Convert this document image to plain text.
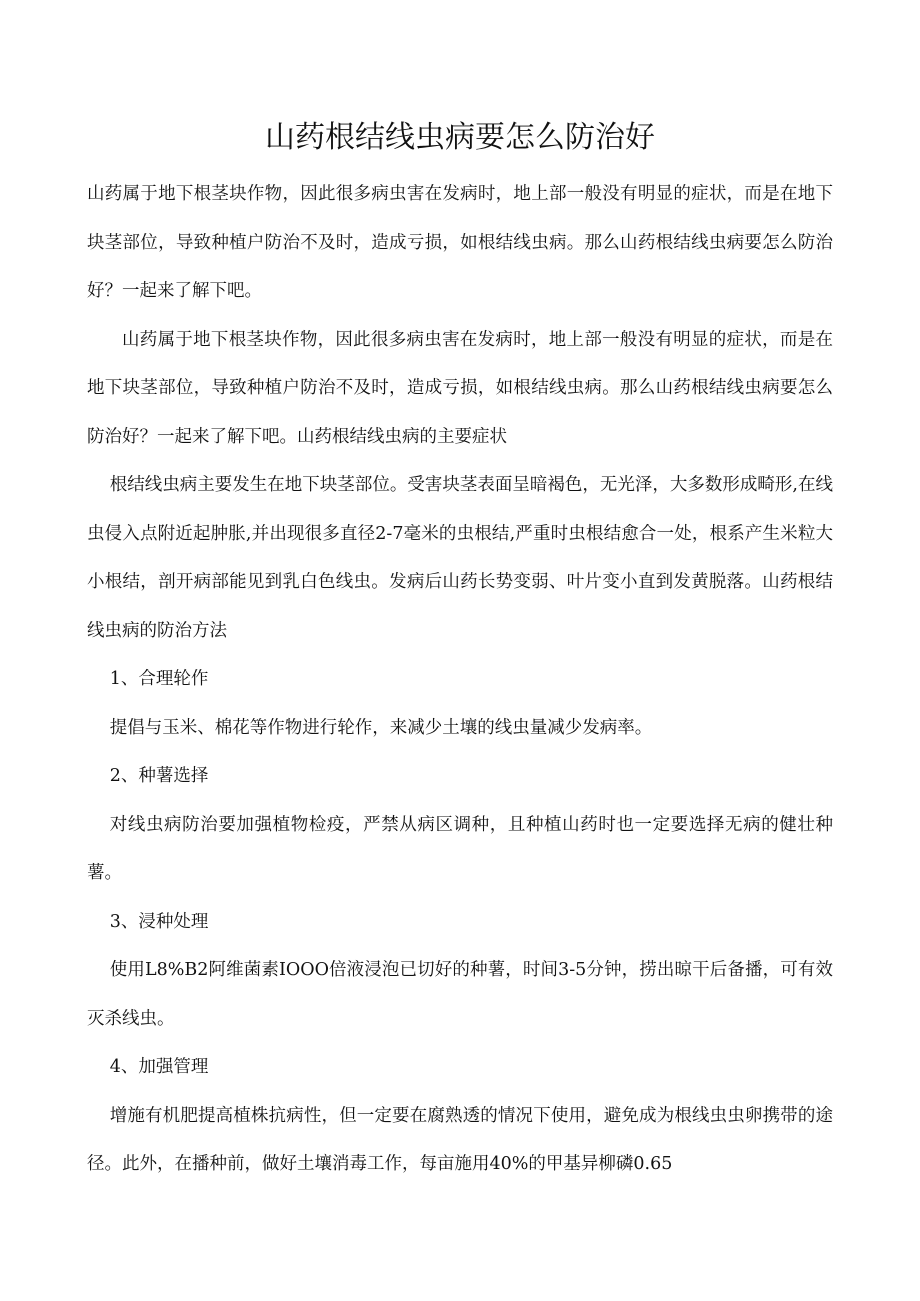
山药根结线虫病要怎么防治好

山药属于地下根茎块作物，因此很多病虫害在发病时，地上部一般没有明显的症状，而是在地下块茎部位，导致种植户防治不及时，造成亏损，如根结线虫病。那么山药根结线虫病要怎么防治好？一起来了解下吧。

山药属于地下根茎块作物，因此很多病虫害在发病时，地上部一般没有明显的症状，而是在地下块茎部位，导致种植户防治不及时，造成亏损，如根结线虫病。那么山药根结线虫病要怎么防治好？一起来了解下吧。山药根结线虫病的主要症状

根结线虫病主要发生在地下块茎部位。受害块茎表面呈暗褐色，无光泽，大多数形成畸形,在线虫侵入点附近起肿胀,并出现很多直径2-7毫米的虫根结,严重时虫根结愈合一处，根系产生米粒大小根结，剖开病部能见到乳白色线虫。发病后山药长势变弱、叶片变小直到发黄脱落。山药根结线虫病的防治方法

1、合理轮作

提倡与玉米、棉花等作物进行轮作，来减少土壤的线虫量减少发病率。

2、种薯选择

对线虫病防治要加强植物检疫，严禁从病区调种，且种植山药时也一定要选择无病的健壮种薯。

3、浸种处理

使用L8%B2阿维菌素IOOO倍液浸泡已切好的种薯，时间3-5分钟，捞出晾干后备播，可有效灭杀线虫。

4、加强管理

增施有机肥提高植株抗病性，但一定要在腐熟透的情况下使用，避免成为根线虫虫卵携带的途径。此外，在播种前，做好土壤消毒工作，每亩施用40%的甲基异柳磷0.65
